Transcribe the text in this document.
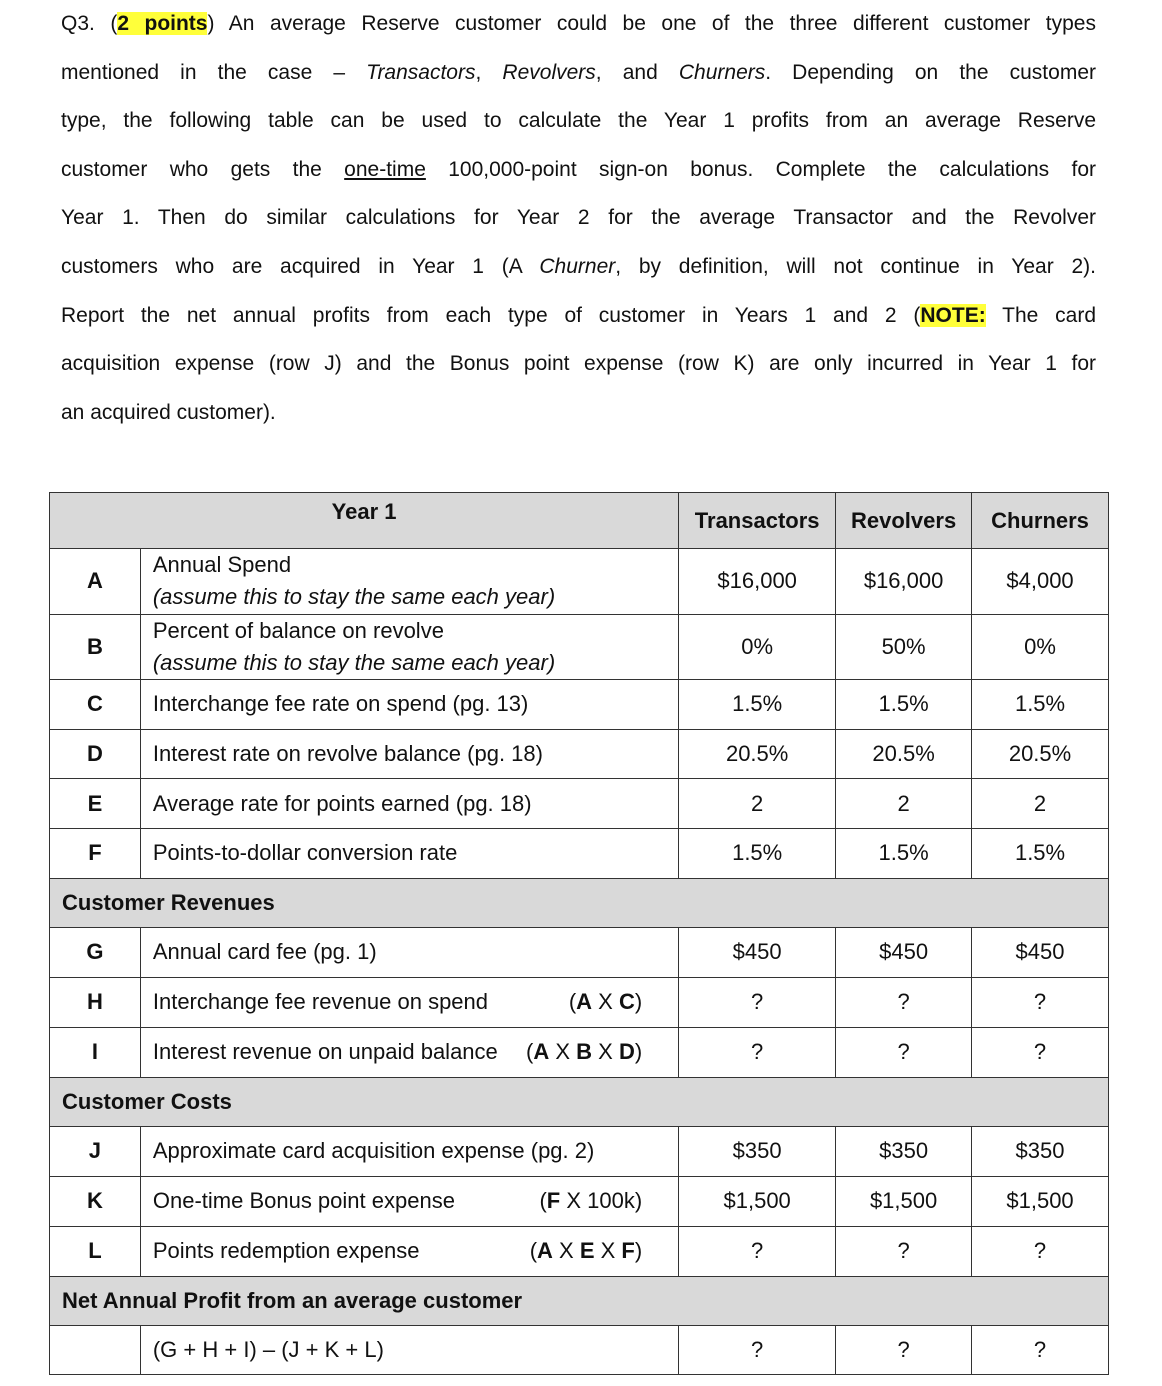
Q3. (2 points) An average Reserve customer could be one of the three different customer types
mentioned in the case – Transactors, Revolvers, and Churners. Depending on the customer
type, the following table can be used to calculate the Year 1 profits from an average Reserve
customer who gets the one-time 100,000-point sign-on bonus. Complete the calculations for
Year 1. Then do similar calculations for Year 2 for the average Transactor and the Revolver
customers who are acquired in Year 1 (A Churner, by definition, will not continue in Year 2).
Report the net annual profits from each type of customer in Years 1 and 2 (NOTE: The card
acquisition expense (row J) and the Bonus point expense (row K) are only incurred in Year 1 for
an acquired customer).
Year 1		Transactors	Revolvers	Churners
A	Annual Spend
(assume this to stay the same each year)	$16,000	$16,000	$4,000
B	Percent of balance on revolve
(assume this to stay the same each year)	0%	50%	0%
C	Interchange fee rate on spend (pg. 13)	1.5%	1.5%	1.5%
D	Interest rate on revolve balance (pg. 18)	20.5%	20.5%	20.5%
E	Average rate for points earned (pg. 18)	2	2	2
F	Points-to-dollar conversion rate	1.5%	1.5%	1.5%
Customer Revenues				
G	Annual card fee (pg. 1)	$450	$450	$450
H	Interchange fee revenue on spend (A X C)	?	?	?
I	Interest revenue on unpaid balance (A X B X D)	?	?	?
Customer Costs				
J	Approximate card acquisition expense (pg. 2)	$350	$350	$350
K	One-time Bonus point expense (F X 100k)	$1,500	$1,500	$1,500
L	Points redemption expense (A X E X F)	?	?	?
Net Annual Profit from an average customer				
	(G + H + I) – (J + K + L)	?	?	?
